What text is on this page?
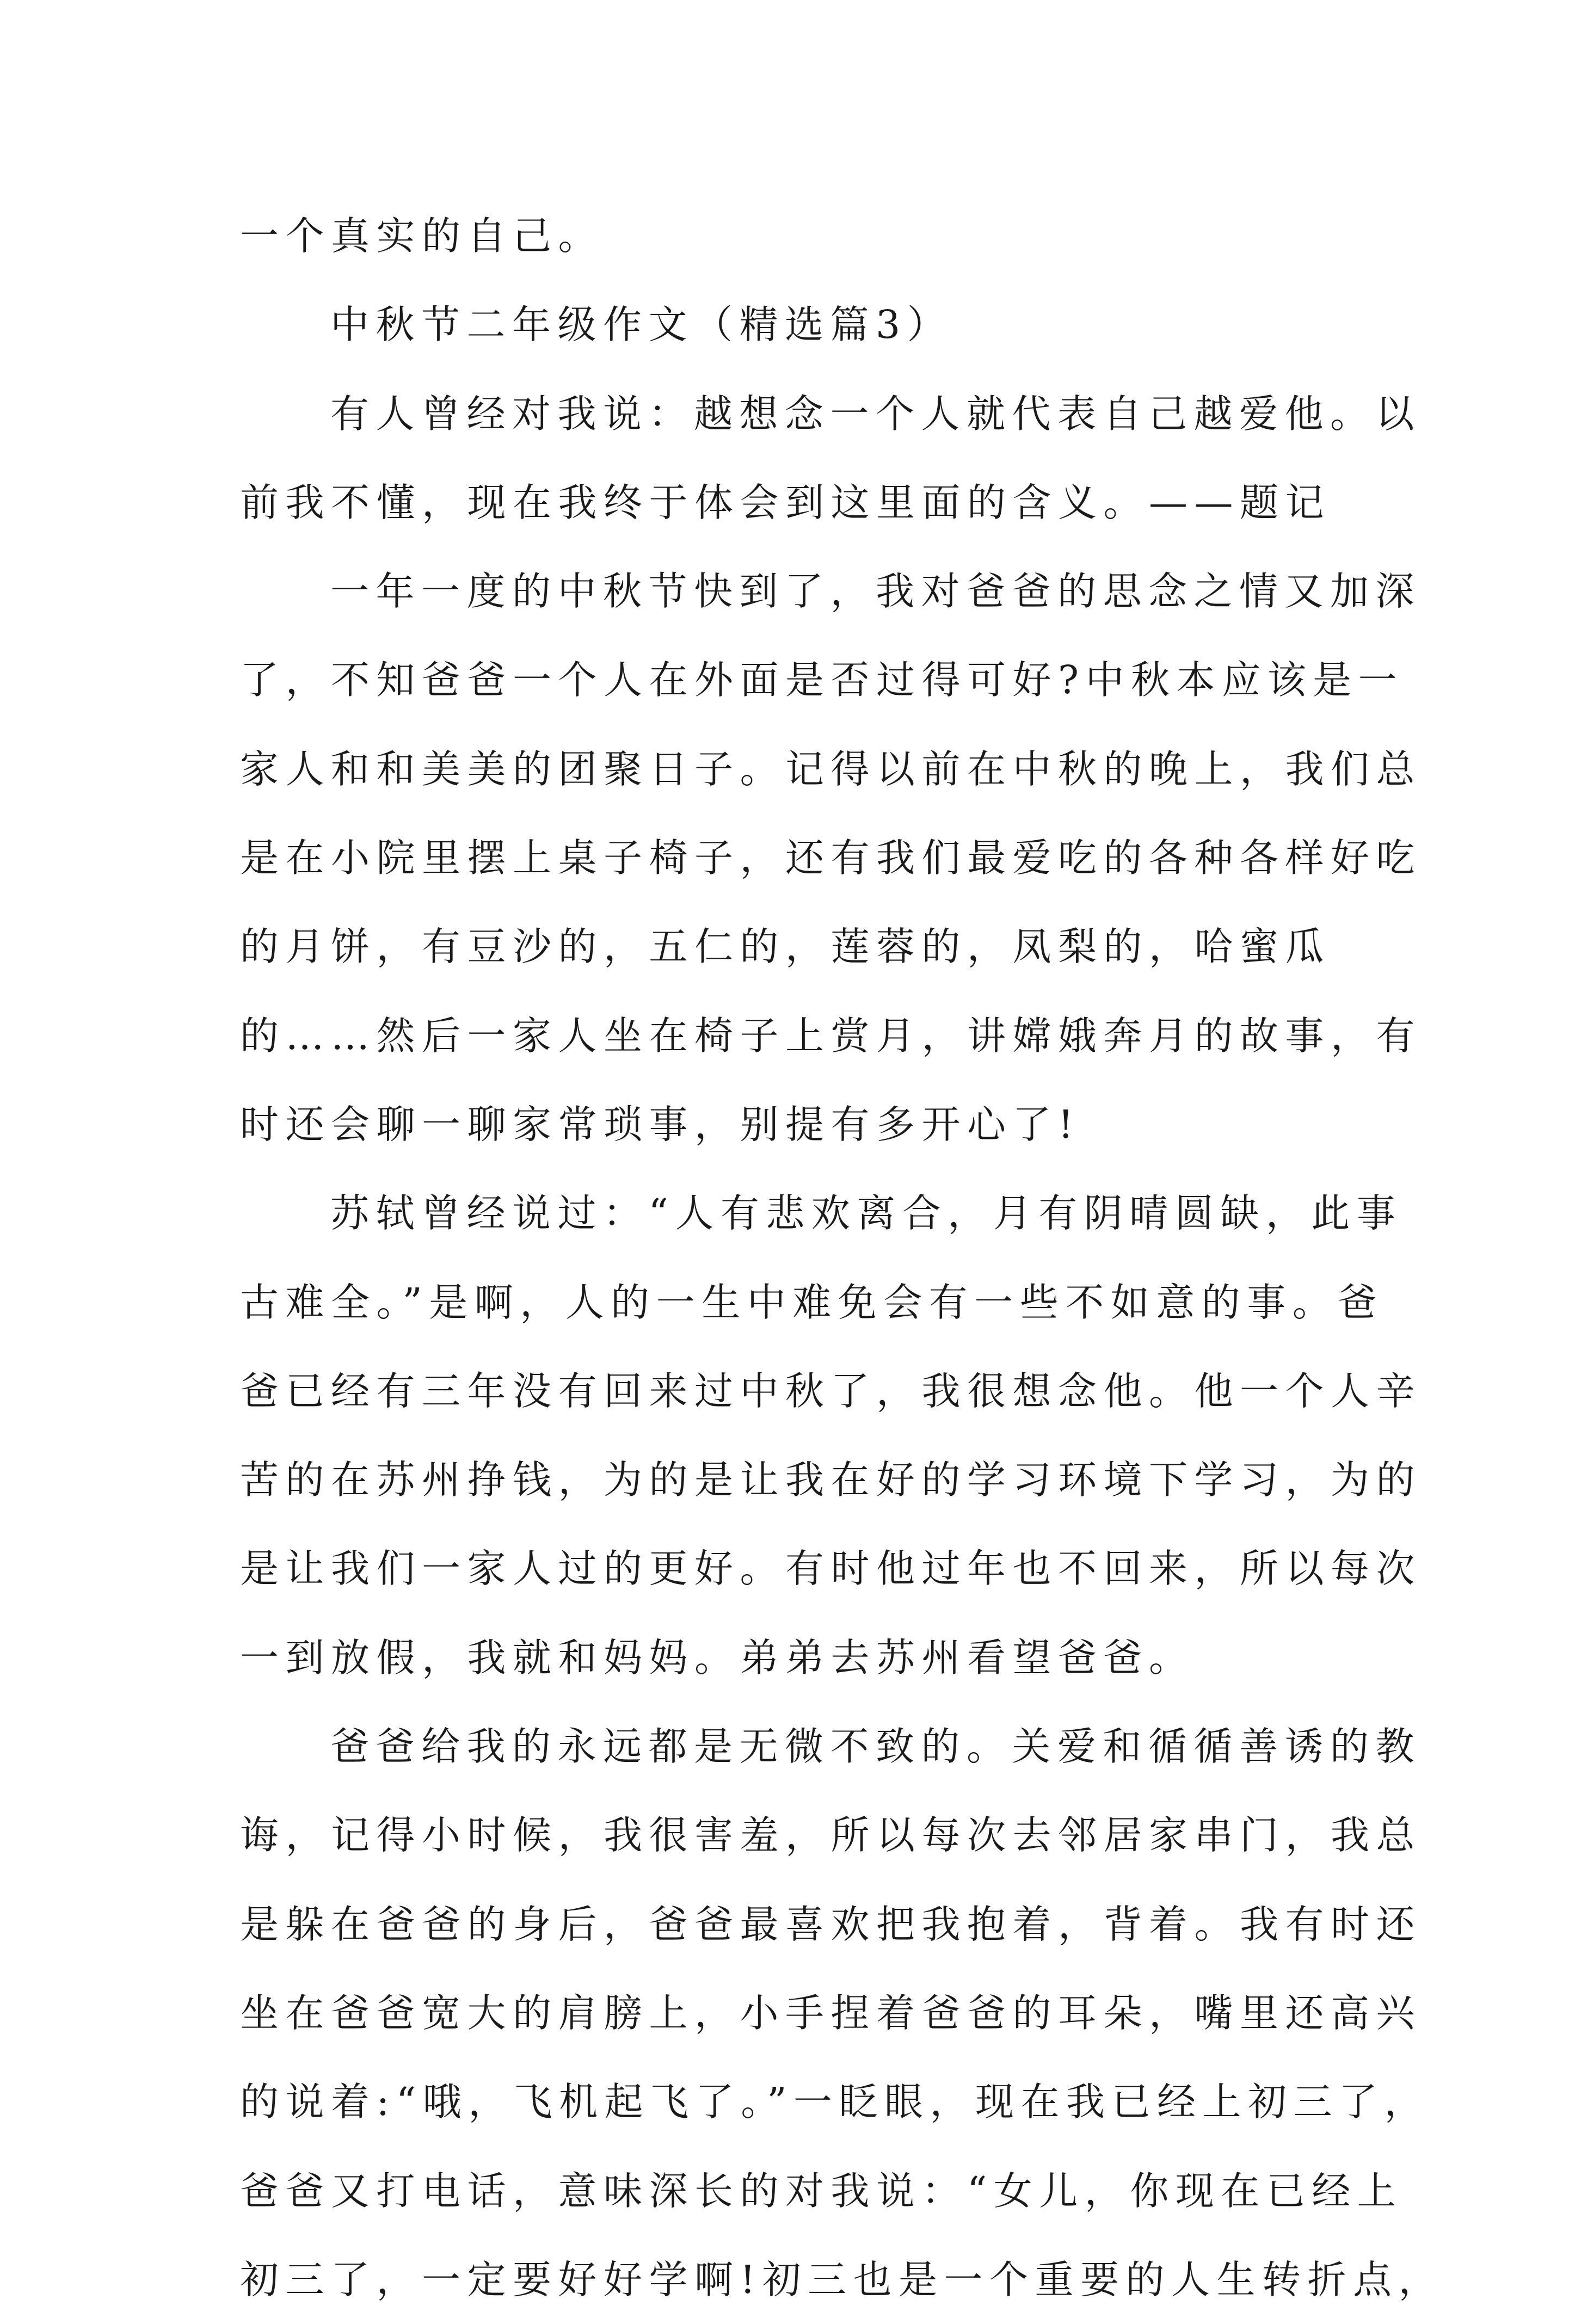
一个真实的自己。
中秋节二年级作文（精选篇3）
有人曾经对我说：越想念一个人就代表自己越爱他。以
前我不懂，现在我终于体会到这里面的含义。——题记
一年一度的中秋节快到了，我对爸爸的思念之情又加深
了，不知爸爸一个人在外面是否过得可好?中秋本应该是一
家人和和美美的团聚日子。记得以前在中秋的晚上，我们总
是在小院里摆上桌子椅子，还有我们最爱吃的各种各样好吃
的月饼，有豆沙的，五仁的，莲蓉的，凤梨的，哈蜜瓜
的……然后一家人坐在椅子上赏月，讲嫦娥奔月的故事，有
时还会聊一聊家常琐事，别提有多开心了!
苏轼曾经说过：“人有悲欢离合，月有阴晴圆缺，此事
古难全。”是啊，人的一生中难免会有一些不如意的事。爸
爸已经有三年没有回来过中秋了，我很想念他。他一个人辛
苦的在苏州挣钱，为的是让我在好的学习环境下学习，为的
是让我们一家人过的更好。有时他过年也不回来，所以每次
一到放假，我就和妈妈。弟弟去苏州看望爸爸。
爸爸给我的永远都是无微不致的。关爱和循循善诱的教
诲，记得小时候，我很害羞，所以每次去邻居家串门，我总
是躲在爸爸的身后，爸爸最喜欢把我抱着，背着。我有时还
坐在爸爸宽大的肩膀上，小手捏着爸爸的耳朵，嘴里还高兴
的说着:“哦，飞机起飞了。”一眨眼，现在我已经上初三了，
爸爸又打电话，意味深长的对我说：“女儿，你现在已经上
初三了，一定要好好学啊!初三也是一个重要的人生转折点，
